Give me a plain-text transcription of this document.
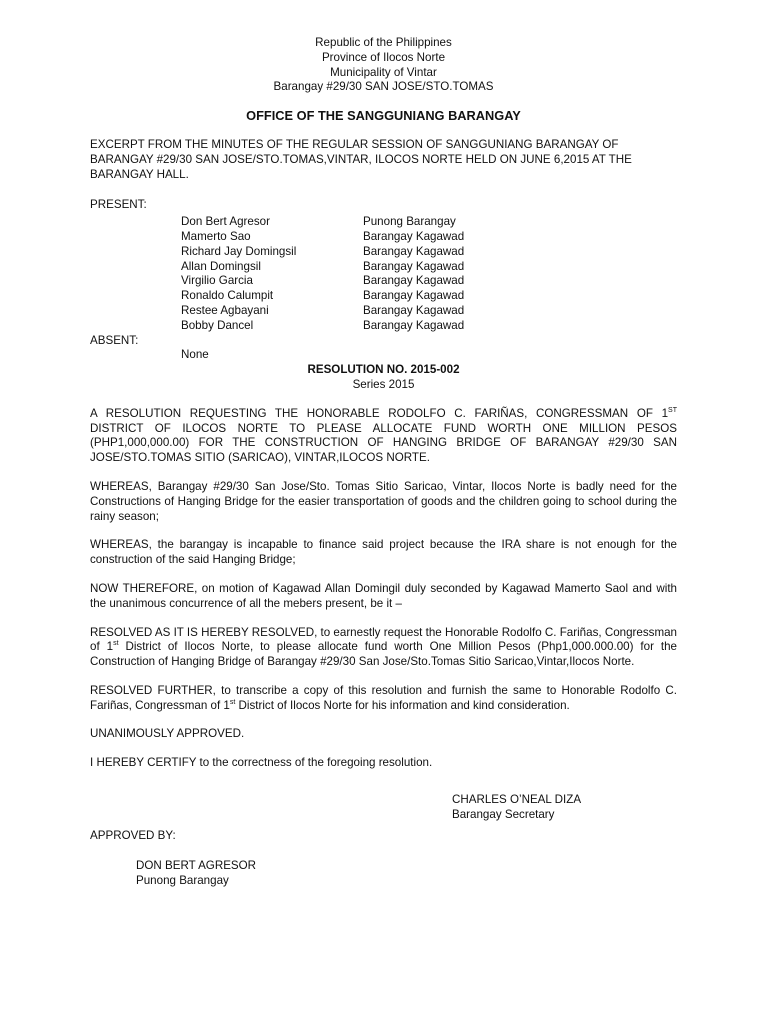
Republic of the Philippines
Province of Ilocos Norte
Municipality of Vintar
Barangay #29/30 SAN JOSE/STO.TOMAS
OFFICE OF THE SANGGUNIANG BARANGAY
EXCERPT FROM THE MINUTES OF THE REGULAR SESSION OF SANGGUNIANG BARANGAY OF BARANGAY #29/30 SAN JOSE/STO.TOMAS,VINTAR, ILOCOS NORTE HELD ON JUNE 6,2015 AT THE BARANGAY HALL.
PRESENT:
Don Bert Agresor	Punong Barangay
Mamerto Sao	Barangay Kagawad
Richard Jay Domingsil	Barangay Kagawad
Allan Domingsil	Barangay Kagawad
Virgilio Garcia	Barangay Kagawad
Ronaldo Calumpit	Barangay Kagawad
Restee Agbayani	Barangay Kagawad
Bobby Dancel	Barangay Kagawad
ABSENT:
None
RESOLUTION NO. 2015-002
Series 2015
A RESOLUTION REQUESTING THE HONORABLE RODOLFO C. FARIÑAS, CONGRESSMAN OF 1ST DISTRICT OF ILOCOS NORTE TO PLEASE ALLOCATE FUND WORTH ONE MILLION PESOS (PHP1,000,000.00) FOR THE CONSTRUCTION OF HANGING BRIDGE OF BARANGAY #29/30 SAN JOSE/STO.TOMAS SITIO (SARICAO), VINTAR,ILOCOS NORTE.
WHEREAS, Barangay #29/30 San Jose/Sto. Tomas Sitio Saricao, Vintar, Ilocos Norte is badly need for the Constructions of Hanging Bridge for the easier transportation of goods and the children going to school during the rainy season;
WHEREAS, the barangay is incapable to finance said project because the IRA share is not enough for the construction of the said Hanging Bridge;
NOW THEREFORE, on motion of Kagawad Allan Domingil duly seconded by Kagawad Mamerto Saol and with the unanimous concurrence of all the mebers present, be it –
RESOLVED AS IT IS HEREBY RESOLVED, to earnestly request the Honorable Rodolfo C. Fariñas, Congressman of 1st District of Ilocos Norte, to please allocate fund worth One Million Pesos (Php1,000.000.00) for the Construction of Hanging Bridge of Barangay #29/30 San Jose/Sto.Tomas Sitio Saricao,Vintar,Ilocos Norte.
RESOLVED FURTHER, to transcribe a copy of this resolution and furnish the same to Honorable Rodolfo C. Fariñas, Congressman of 1st District of Ilocos Norte for his information and kind consideration.
UNANIMOUSLY APPROVED.
I HEREBY CERTIFY to the correctness of the foregoing resolution.
CHARLES O’NEAL DIZA
Barangay Secretary
APPROVED BY:
DON BERT AGRESOR
Punong Barangay
